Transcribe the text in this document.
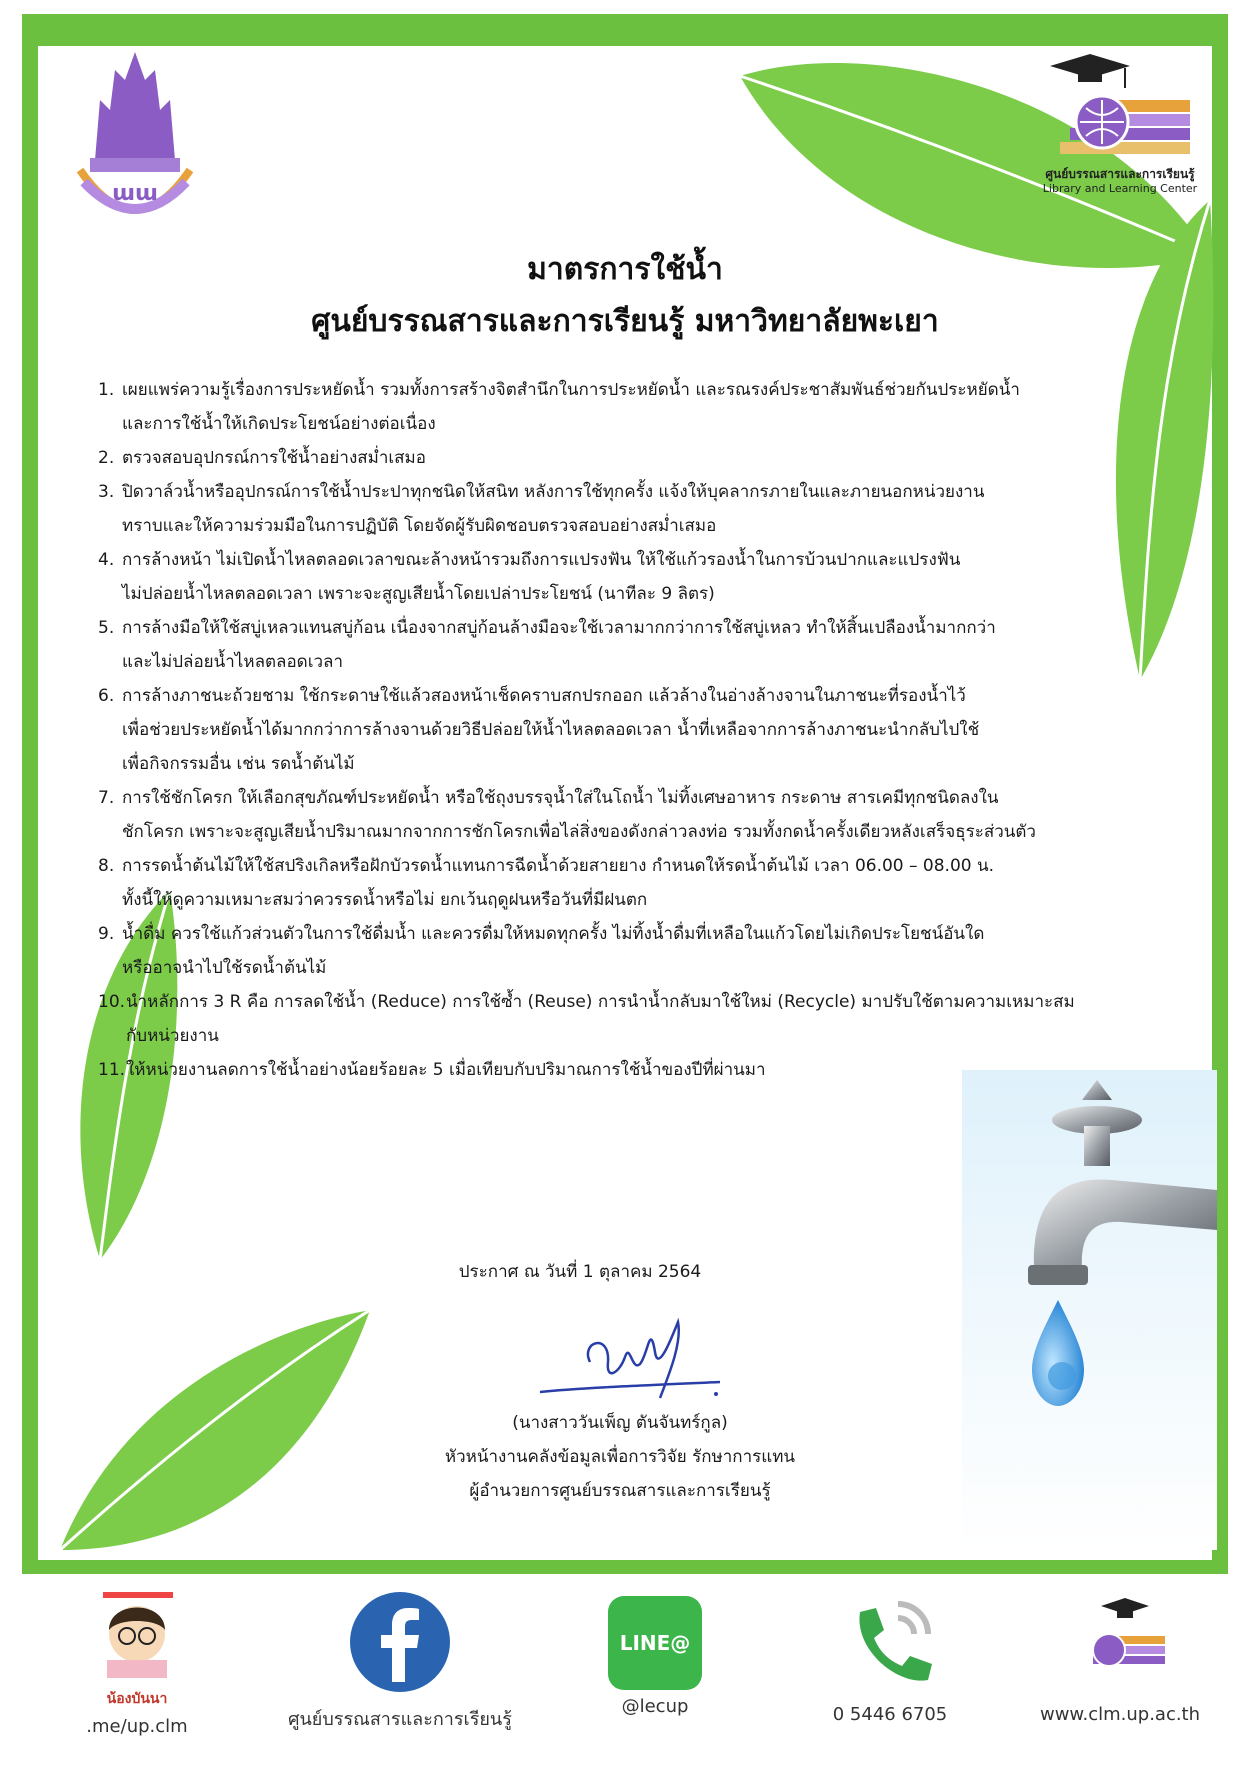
ɯɯ
ศูนย์บรรณสารและการเรียนรู้
Library and Learning Center
มาตรการใช้น้ำ
ศูนย์บรรณสารและการเรียนรู้ มหาวิทยาลัยพะเยา
1. เผยแพร่ความรู้เรื่องการประหยัดน้ำ รวมทั้งการสร้างจิตสำนึกในการประหยัดน้ำ และรณรงค์ประชาสัมพันธ์ช่วยกันประหยัดน้ำ
และการใช้น้ำให้เกิดประโยชน์อย่างต่อเนื่อง
2. ตรวจสอบอุปกรณ์การใช้น้ำอย่างสม่ำเสมอ
3. ปิดวาล์วน้ำหรืออุปกรณ์การใช้น้ำประปาทุกชนิดให้สนิท หลังการใช้ทุกครั้ง แจ้งให้บุคลากรภายในและภายนอกหน่วยงาน
ทราบและให้ความร่วมมือในการปฏิบัติ โดยจัดผู้รับผิดชอบตรวจสอบอย่างสม่ำเสมอ
4. การล้างหน้า ไม่เปิดน้ำไหลตลอดเวลาขณะล้างหน้ารวมถึงการแปรงฟัน ให้ใช้แก้วรองน้ำในการบ้วนปากและแปรงฟัน
ไม่ปล่อยน้ำไหลตลอดเวลา เพราะจะสูญเสียน้ำโดยเปล่าประโยชน์ (นาทีละ 9 ลิตร)
5. การล้างมือให้ใช้สบู่เหลวแทนสบู่ก้อน เนื่องจากสบู่ก้อนล้างมือจะใช้เวลามากกว่าการใช้สบู่เหลว ทำให้สิ้นเปลืองน้ำมากกว่า
และไม่ปล่อยน้ำไหลตลอดเวลา
6. การล้างภาชนะถ้วยชาม ใช้กระดาษใช้แล้วสองหน้าเช็ดคราบสกปรกออก แล้วล้างในอ่างล้างจานในภาชนะที่รองน้ำไว้
เพื่อช่วยประหยัดน้ำได้มากกว่าการล้างจานด้วยวิธีปล่อยให้น้ำไหลตลอดเวลา น้ำที่เหลือจากการล้างภาชนะนำกลับไปใช้
เพื่อกิจกรรมอื่น เช่น รดน้ำต้นไม้
7. การใช้ชักโครก ให้เลือกสุขภัณฑ์ประหยัดน้ำ หรือใช้ถุงบรรจุน้ำใส่ในโถน้ำ ไม่ทิ้งเศษอาหาร กระดาษ สารเคมีทุกชนิดลงใน
ชักโครก เพราะจะสูญเสียน้ำปริมาณมากจากการชักโครกเพื่อไล่สิ่งของดังกล่าวลงท่อ รวมทั้งกดน้ำครั้งเดียวหลังเสร็จธุระส่วนตัว
8. การรดน้ำต้นไม้ให้ใช้สปริงเกิลหรือฝักบัวรดน้ำแทนการฉีดน้ำด้วยสายยาง กำหนดให้รดน้ำต้นไม้ เวลา 06.00 – 08.00 น.
ทั้งนี้ให้ดูความเหมาะสมว่าควรรดน้ำหรือไม่ ยกเว้นฤดูฝนหรือวันที่มีฝนตก
9. น้ำดื่ม ควรใช้แก้วส่วนตัวในการใช้ดื่มน้ำ และควรดื่มให้หมดทุกครั้ง ไม่ทิ้งน้ำดื่มที่เหลือในแก้วโดยไม่เกิดประโยชน์อันใด
หรืออาจนำไปใช้รดน้ำต้นไม้
10. นำหลักการ 3 R คือ การลดใช้น้ำ (Reduce) การใช้ซ้ำ (Reuse) การนำน้ำกลับมาใช้ใหม่ (Recycle) มาปรับใช้ตามความเหมาะสม
กับหน่วยงาน
11. ให้หน่วยงานลดการใช้น้ำอย่างน้อยร้อยละ 5 เมื่อเทียบกับปริมาณการใช้น้ำของปีที่ผ่านมา
ประกาศ ณ วันที่ 1 ตุลาคม 2564
(นางสาววันเพ็ญ ตันจันทร์กูล)
หัวหน้างานคลังข้อมูลเพื่อการวิจัย รักษาการแทน
ผู้อำนวยการศูนย์บรรณสารและการเรียนรู้
น้องบันนา
.me/up.clm	ศูนย์บรรณสารและการเรียนรู้
LINE@
@lecup	0 5446 6705	www.clm.up.ac.th
